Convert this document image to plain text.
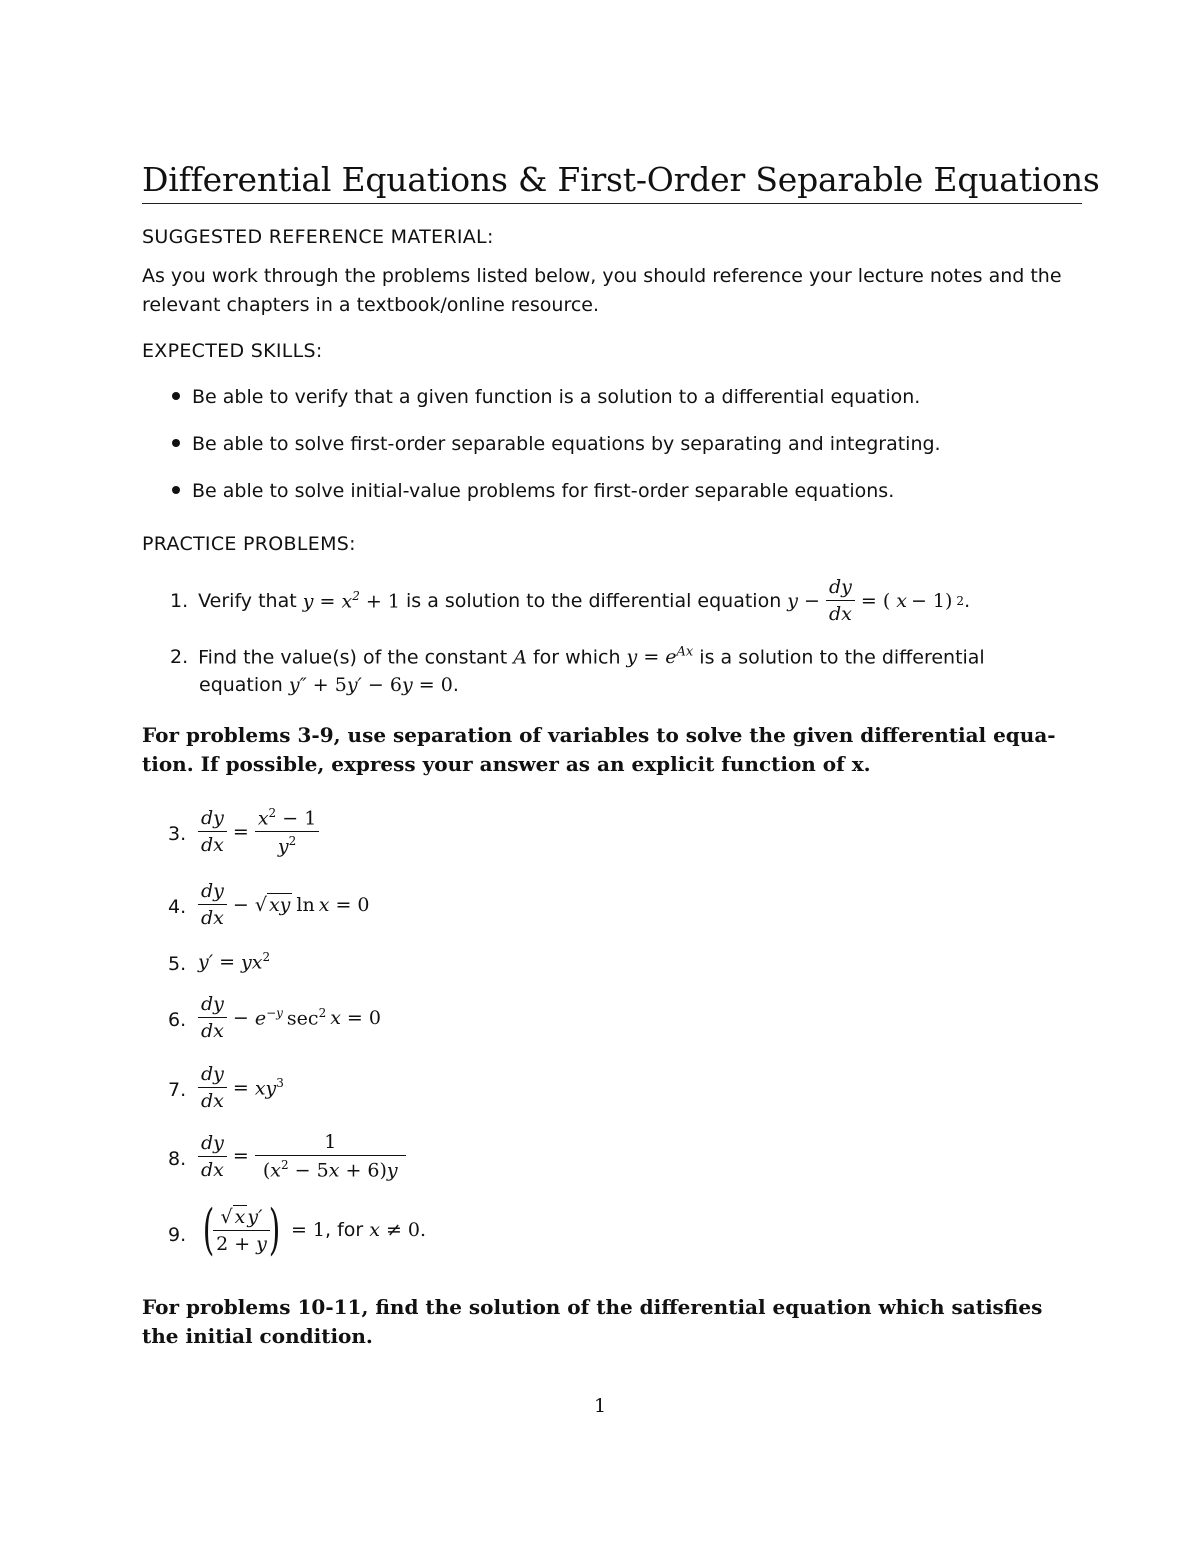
Differential Equations & First-Order Separable Equations
SUGGESTED REFERENCE MATERIAL:
As you work through the problems listed below, you should reference your lecture notes and the relevant chapters in a textbook/online resource.
EXPECTED SKILLS:
Be able to verify that a given function is a solution to a differential equation.
Be able to solve first-order separable equations by separating and integrating.
Be able to solve initial-value problems for first-order separable equations.
PRACTICE PROBLEMS:
1. Verify that $y = x^2 + 1$ is a solution to the differential equation $y - \frac{dy}{dx}$ = ( x − 1) 2 .
2. Find the value(s) of the constant A for which $y = e^{Ax}$ is a solution to the differential
equation y″ + 5y′ − 6y = 0.
For problems 3-9, use separation of variables to solve the given differential equa-tion. If possible, express your answer as an explicit function of x.
3. $\frac{dy}{dx} = \frac{x^2 - 1}{y^2}$
4. $\frac{dy}{dx}$ − √ xy ln x = 0
5. $y' = yx^2$
6. $\frac{dy}{dx} - e^{-y}$ $\sec^2 x = 0$
7. $\frac{dy}{dx} = xy^3$
8. $\frac{dy}{dx} = \frac{1}{(x^2 - 5x + 6)y}$
9. (
$\frac{\text{√ x y′}}{2 + y}$
) = 1 , for x ≠ 0.
For problems 10-11, find the solution of the differential equation which satisfies the initial condition.
1
